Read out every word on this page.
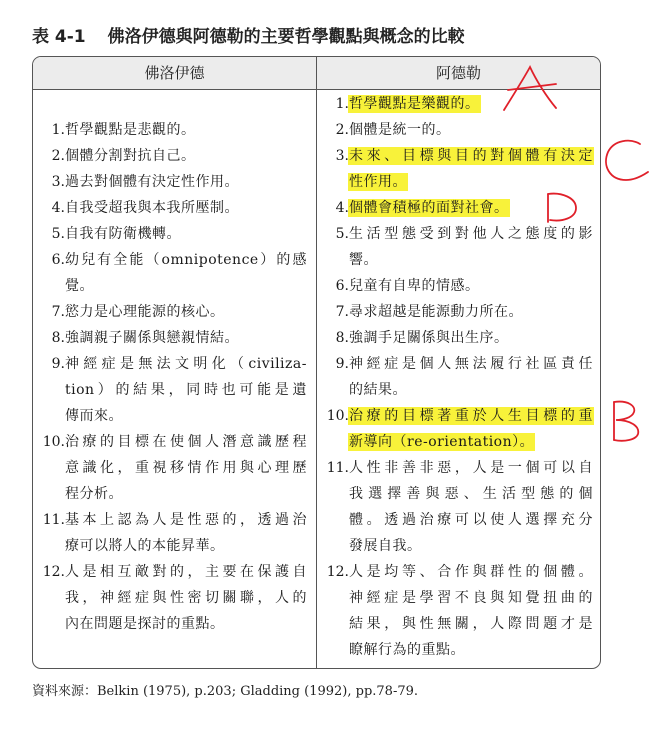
表 4-1 佛洛伊德與阿德勒的主要哲學觀點與概念的比較
佛洛伊德	阿德勒
1. 哲學觀點是悲觀的。
2. 個體分割對抗自己。
3. 過去對個體有決定性作用。
4. 自我受超我與本我所壓制。
5. 自我有防衛機轉。
6. 幼兒有全能（omnipotence）的感
覺。
7. 慾力是心理能源的核心。
8. 強調親子關係與戀親情結。
9. 神經症是無法文明化（civiliza-
tion）的結果，同時也可能是遺
傳而來。
10. 治療的目標在使個人潛意識歷程
意識化，重視移情作用與心理歷
程分析。
11. 基本上認為人是性惡的，透過治
療可以將人的本能昇華。
12. 人是相互敵對的，主要在保護自
我，神經症與性密切關聯，人的
內在問題是探討的重點。
1. 哲學觀點是樂觀的。
2. 個體是統一的。
3. 未來、目標與目的對個體有決定
性作用。
4. 個體會積極的面對社會。
5. 生活型態受到對他人之態度的影
響。
6. 兒童有自卑的情感。
7. 尋求超越是能源動力所在。
8. 強調手足關係與出生序。
9. 神經症是個人無法履行社區責任
的結果。
10. 治療的目標著重於人生目標的重
新導向（re-orientation）。
11. 人性非善非惡，人是一個可以自
我選擇善與惡、生活型態的個
體。透過治療可以使人選擇充分
發展自我。
12. 人是均等、合作與群性的個體。
神經症是學習不良與知覺扭曲的
結果，與性無關，人際問題才是
瞭解行為的重點。
資料來源：Belkin (1975), p.203; Gladding (1992), pp.78-79.
C
D
B
